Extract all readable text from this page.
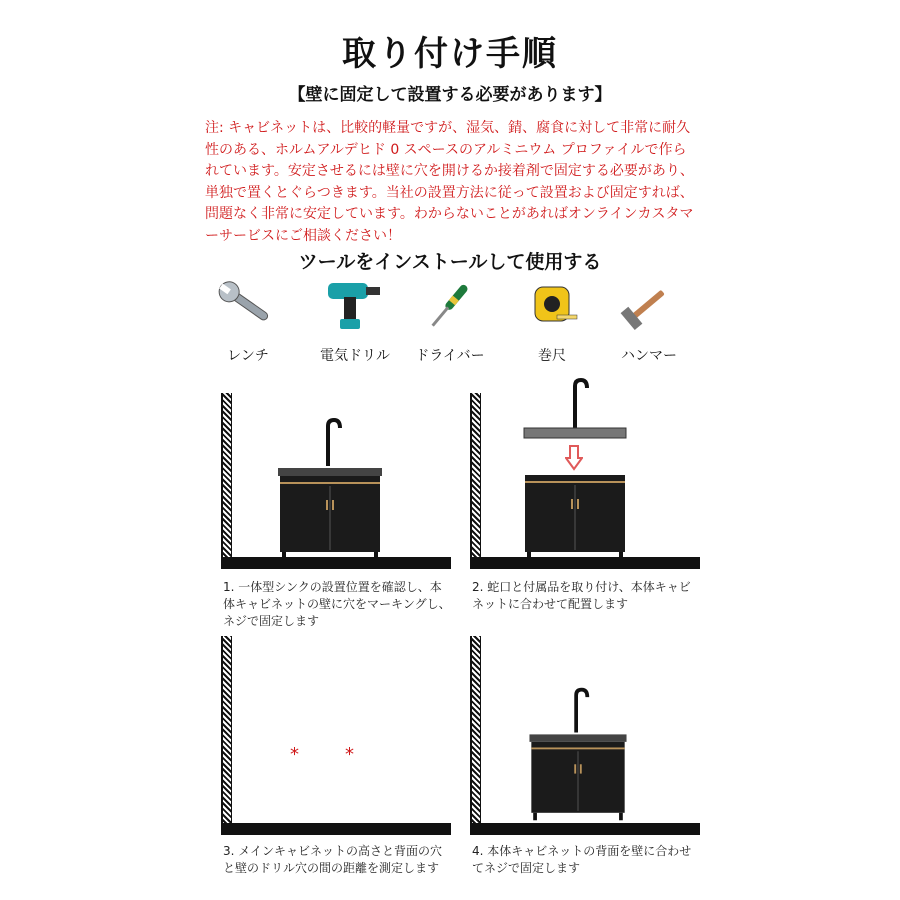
取り付け手順
【壁に固定して設置する必要があります】
注: キャビネットは、比較的軽量ですが、湿気、錆、腐食に対して非常に耐久性のある、ホルムアルデヒド 0 スペースのアルミニウム プロファイルで作られています。安定させるには壁に穴を開けるか接着剤で固定する必要があり、単独で置くとぐらつきます。当社の設置方法に従って設置および固定すれば、問題なく非常に安定しています。わからないことがあればオンラインカスタマーサービスにご相談ください！
ツールをインストールして使用する
レンチ	電気ドリル	ドライバー	巻尺	ハンマー
1. 一体型シンクの設置位置を確認し、本体キャビネットの壁に穴をマーキングし、ネジで固定します
2. 蛇口と付属品を取り付け、本体キャビネットに合わせて配置します
*	*
3. メインキャビネットの高さと背面の穴と壁のドリル穴の間の距離を測定します
4. 本体キャビネットの背面を壁に合わせてネジで固定します
